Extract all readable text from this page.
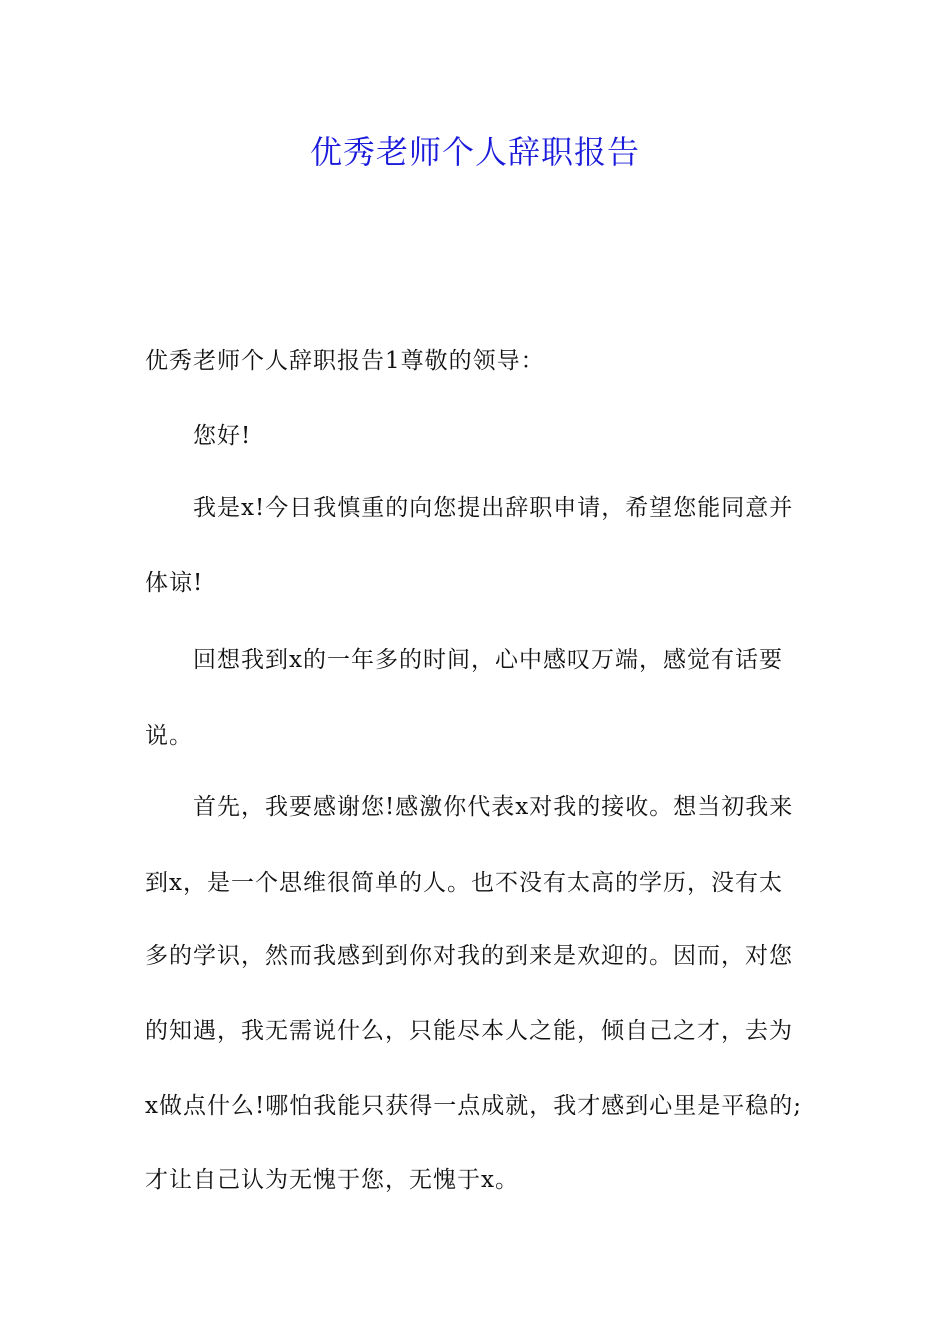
优秀老师个人辞职报告
优秀老师个人辞职报告1尊敬的领导：
您好!
我是x!今日我慎重的向您提出辞职申请，希望您能同意并
体谅!
回想我到x的一年多的时间，心中感叹万端，感觉有话要
说。
首先，我要感谢您!感激你代表x对我的接收。想当初我来
到x，是一个思维很简单的人。也不没有太高的学历，没有太
多的学识，然而我感到到你对我的到来是欢迎的。因而，对您
的知遇，我无需说什么，只能尽本人之能，倾自己之才，去为
x做点什么!哪怕我能只获得一点成就，我才感到心里是平稳的;
才让自己认为无愧于您，无愧于x。
